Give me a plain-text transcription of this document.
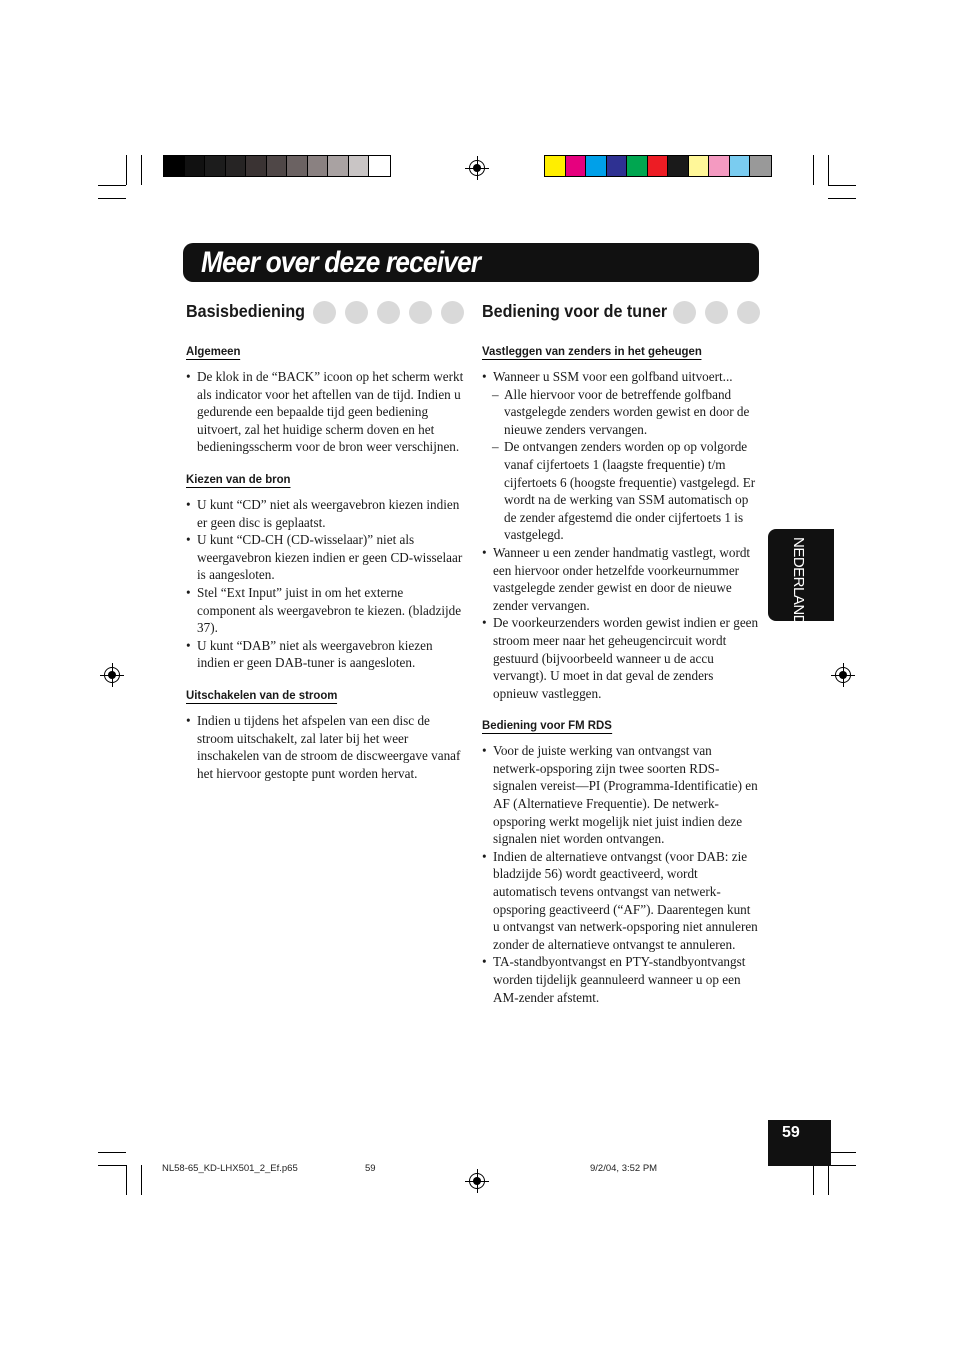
Meer over deze receiver
Basisbediening
Algemeen
• De klok in de “BACK” icoon op het scherm werkt als indicator voor het aftellen van de tijd. Indien u gedurende een bepaalde tijd geen bediening uitvoert, zal het huidige scherm doven en het bedieningsscherm voor de bron weer verschijnen.
Kiezen van de bron
• U kunt “CD” niet als weergavebron kiezen indien er geen disc is geplaatst.
• U kunt “CD-CH (CD-wisselaar)” niet als weergavebron kiezen indien er geen CD-wisselaar is aangesloten.
• Stel “Ext Input” juist in om het externe component als weergavebron te kiezen. (bladzijde 37).
• U kunt “DAB” niet als weergavebron kiezen indien er geen DAB-tuner is aangesloten.
Uitschakelen van de stroom
• Indien u tijdens het afspelen van een disc de stroom uitschakelt, zal later bij het weer inschakelen van de stroom de discweergave vanaf het hiervoor gestopte punt worden hervat.
Bediening voor de tuner
Vastleggen van zenders in het geheugen
• Wanneer u SSM voor een golfband uitvoert...
– Alle hiervoor voor de betreffende golfband vastgelegde zenders worden gewist en door de nieuwe zenders vervangen.
– De ontvangen zenders worden op op volgorde vanaf cijfertoets 1 (laagste frequentie) t/m cijfertoets 6 (hoogste frequentie) vastgelegd. Er wordt na de werking van SSM automatisch op de zender afgestemd die onder cijfertoets 1 is vastgelegd.
• Wanneer u een zender handmatig vastlegt, wordt een hiervoor onder hetzelfde voorkeurnummer vastgelegde zender gewist en door de nieuwe zender vervangen.
• De voorkeurzenders worden gewist indien er geen stroom meer naar het geheugencircuit wordt gestuurd (bijvoorbeeld wanneer u de accu vervangt). U moet in dat geval de zenders opnieuw vastleggen.
Bediening voor FM RDS
• Voor de juiste werking van ontvangst van netwerk-opsporing zijn twee soorten RDS-signalen vereist—PI (Programma-Identificatie) en AF (Alternatieve Frequentie). De netwerk-opsporing werkt mogelijk niet juist indien deze signalen niet worden ontvangen.
• Indien de alternatieve ontvangst (voor DAB: zie bladzijde 56) wordt geactiveerd, wordt automatisch tevens ontvangst van netwerk-opsporing geactiveerd (“AF”). Daarentegen kunt u ontvangst van netwerk-opsporing niet annuleren zonder de alternatieve ontvangst te annuleren.
• TA-standbyontvangst en PTY-standbyontvangst worden tijdelijk geannuleerd wanneer u op een AM-zender afstemt.
NEDERLANDS
59
NL58-65_KD-LHX501_2_Ef.p65	59	9/2/04, 3:52 PM
